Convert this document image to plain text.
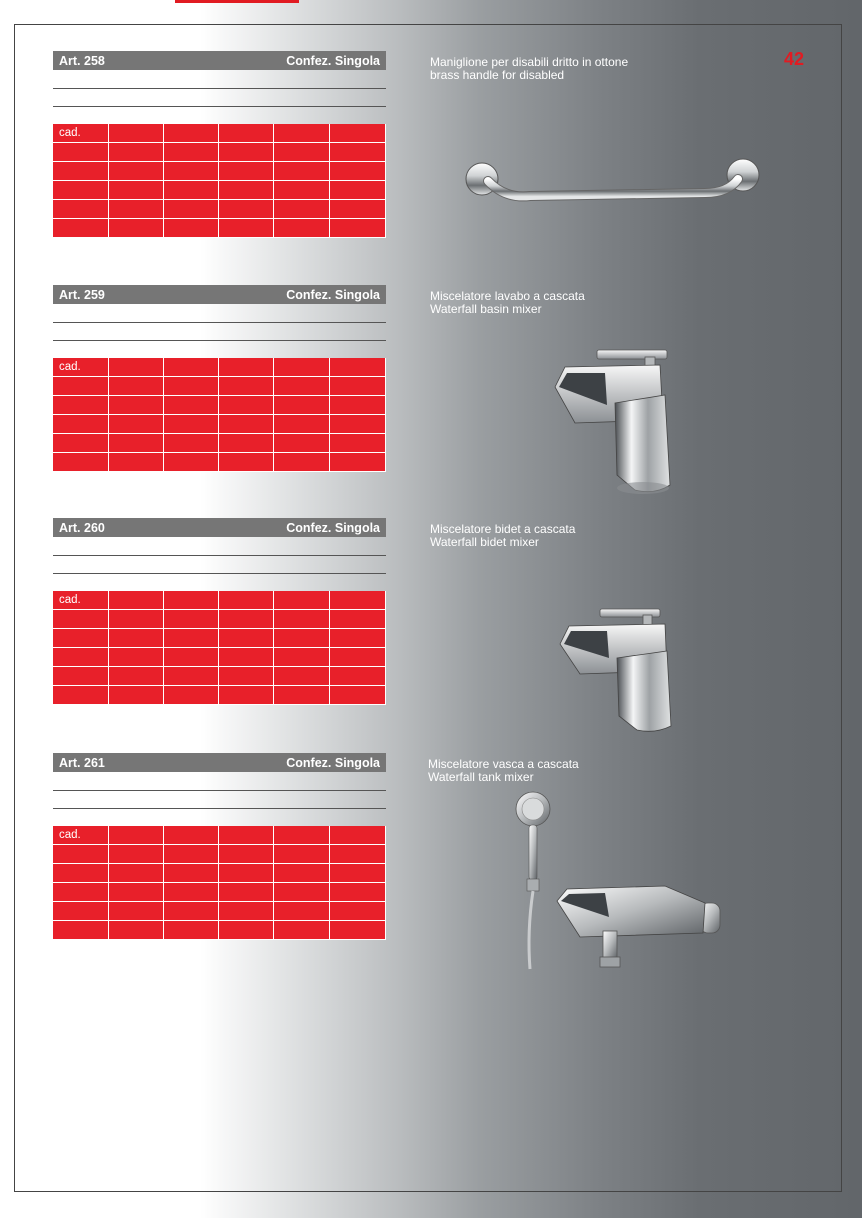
42
Art. 258	Confez. Singola
cad.
Maniglione per disabili dritto in ottone
brass handle for disabled
Art. 259	Confez. Singola
cad.
Miscelatore lavabo a cascata
Waterfall basin mixer
Art. 260	Confez. Singola
cad.
Miscelatore bidet a cascata
Waterfall bidet mixer
Art. 261	Confez. Singola
cad.
Miscelatore vasca a cascata
Waterfall tank mixer
